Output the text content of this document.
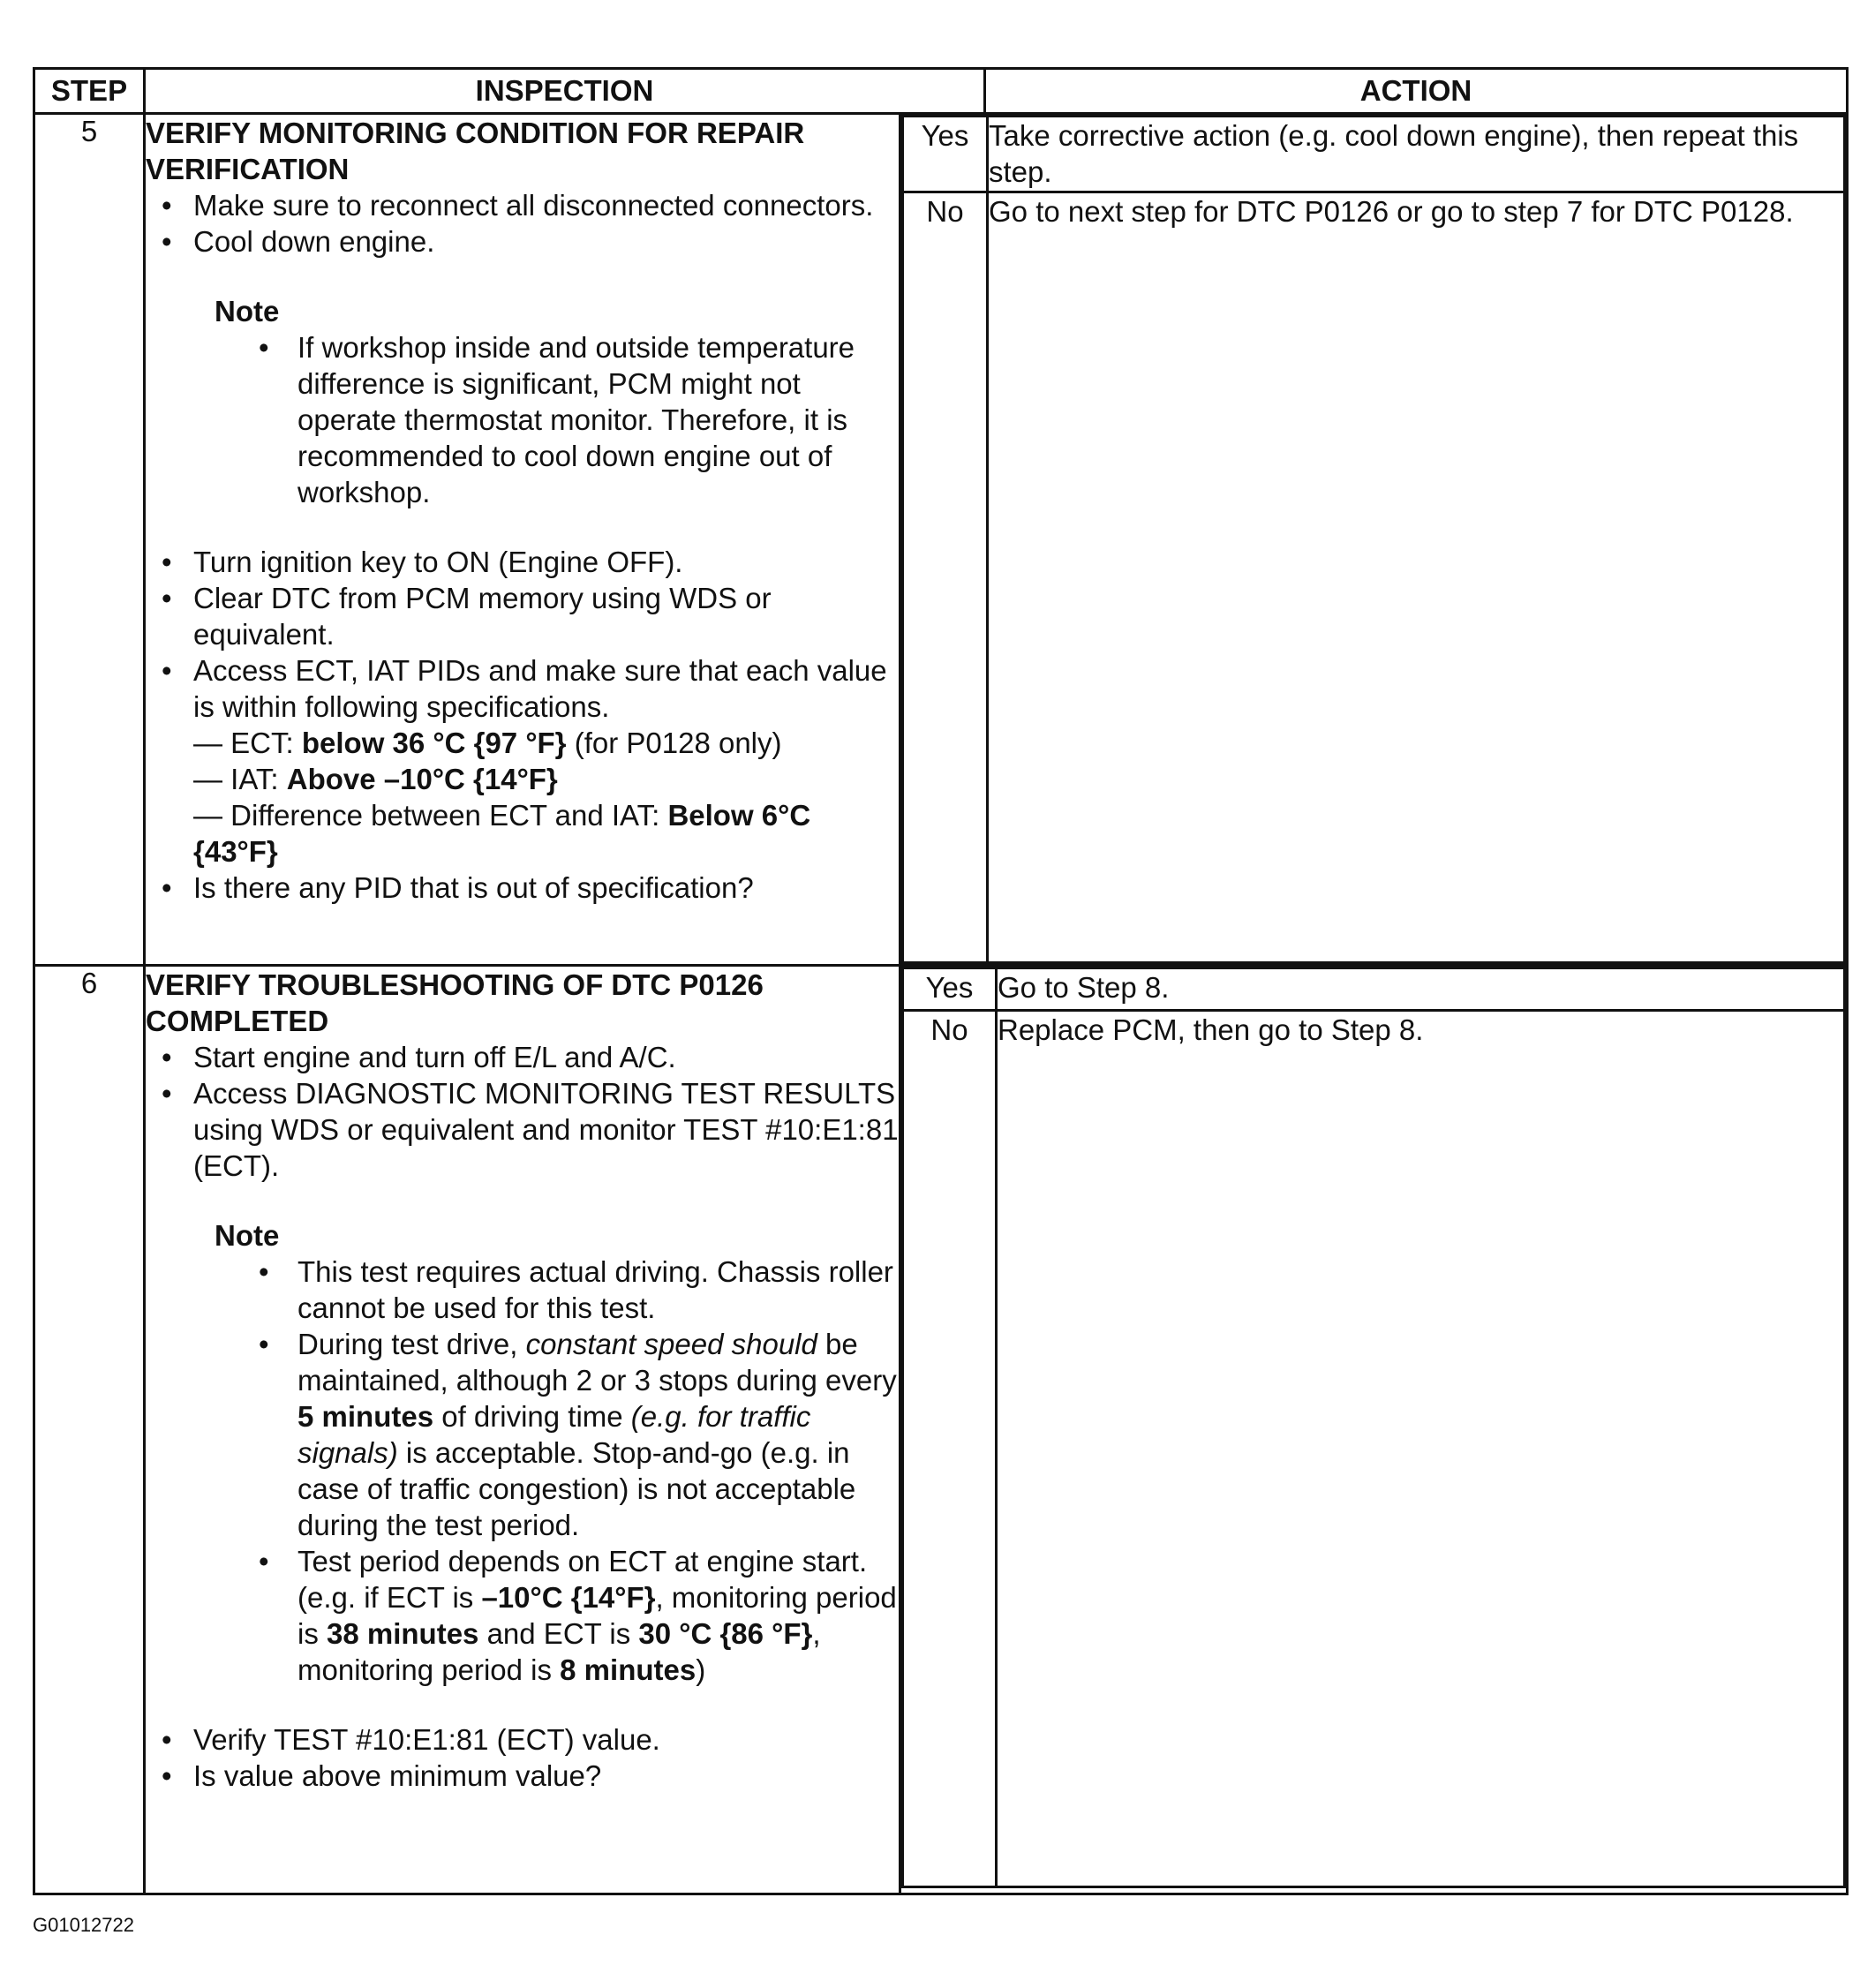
STEP	INSPECTION	ACTION
5	VERIFY MONITORING CONDITION FOR REPAIR VERIFICATION
• Make sure to reconnect all disconnected connectors.
• Cool down engine.
Note
• If workshop inside and outside temperature difference is significant, PCM might not operate thermostat monitor. Therefore, it is recommended to cool down engine out of workshop.
• Turn ignition key to ON (Engine OFF).
• Clear DTC from PCM memory using WDS or equivalent.
• Access ECT, IAT PIDs and make sure that each value is within following specifications.
— ECT: below 36 °C {97 °F} (for P0128 only)
— IAT: Above –10°C {14°F}
— Difference between ECT and IAT: Below 6°C {43°F}
• Is there any PID that is out of specification?

Yes	Take corrective action (e.g. cool down engine), then repeat this step.
No	Go to next step for DTC P0126 or go to step 7 for DTC P0128.

6	VERIFY TROUBLESHOOTING OF DTC P0126 COMPLETED
• Start engine and turn off E/L and A/C.
• Access DIAGNOSTIC MONITORING TEST RESULTS using WDS or equivalent and monitor TEST #10:E1:81 (ECT).
Note
• This test requires actual driving. Chassis roller cannot be used for this test.
• During test drive, constant speed should be maintained, although 2 or 3 stops during every 5 minutes of driving time (e.g. for traffic signals) is acceptable. Stop-and-go (e.g. in case of traffic congestion) is not acceptable during the test period.
• Test period depends on ECT at engine start. (e.g. if ECT is –10°C {14°F}, monitoring period is 38 minutes and ECT is 30 °C {86 °F}, monitoring period is 8 minutes)
• Verify TEST #10:E1:81 (ECT) value.
• Is value above minimum value?

Yes	Go to Step 8.
No	Replace PCM, then go to Step 8.
G01012722
